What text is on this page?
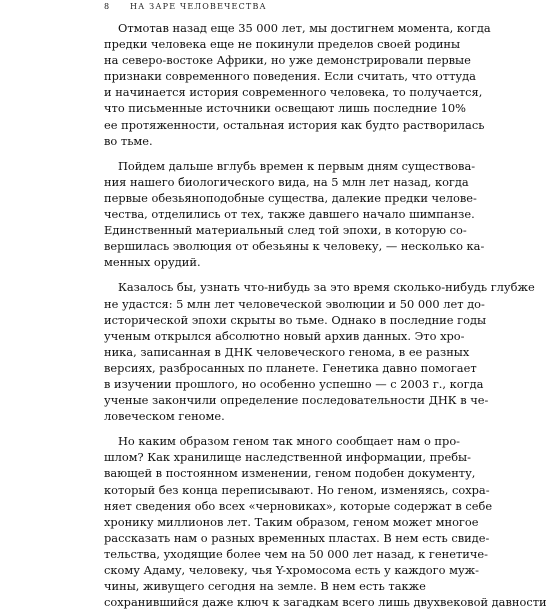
8 НА ЗАРЕ ЧЕЛОВЕЧЕСТВА
Отмотав назад еще 35 000 лет, мы достигнем момента, когда
предки человека еще не покинули пределов своей родины
на северо-востоке Африки, но уже демонстрировали первые
признаки современного поведения. Если считать, что оттуда
и начинается история современного человека, то получается,
что письменные источники освещают лишь последние 10%
ее протяженности, остальная история как будто растворилась
во тьме.
Пойдем дальше вглубь времен к первым дням существова-
ния нашего биологического вида, на 5 млн лет назад, когда
первые обезьяноподобные существа, далекие предки челове-
чества, отделились от тех, также давшего начало шимпанзе.
Единственный материальный след той эпохи, в которую со-
вершилась эволюция от обезьяны к человеку, — несколько ка-
менных орудий.
Казалось бы, узнать что-нибудь за это время сколько-нибудь глубже
не удастся: 5 млн лет человеческой эволюции и 50 000 лет до-
исторической эпохи скрыты во тьме. Однако в последние годы
ученым открылся абсолютно новый архив данных. Это хро-
ника, записанная в ДНК человеческого генома, в ее разных
версиях, разбросанных по планете. Генетика давно помогает
в изучении прошлого, но особенно успешно — с 2003 г., когда
ученые закончили определение последовательности ДНК в че-
ловеческом геноме.
Но каким образом геном так много сообщает нам о про-
шлом? Как хранилище наследственной информации, пребы-
вающей в постоянном изменении, геном подобен документу,
который без конца переписывают. Но геном, изменяясь, сохра-
няет сведения обо всех «черновиках», которые содержат в себе
хронику миллионов лет. Таким образом, геном может многое
рассказать нам о разных временных пластах. В нем есть свиде-
тельства, уходящие более чем на 50 000 лет назад, к генетиче-
скому Адаму, человеку, чья Y-хромосома есть у каждого муж-
чины, живущего сегодня на земле. В нем есть также
сохранившийся даже ключ к загадкам всего лишь двухвековой давности
